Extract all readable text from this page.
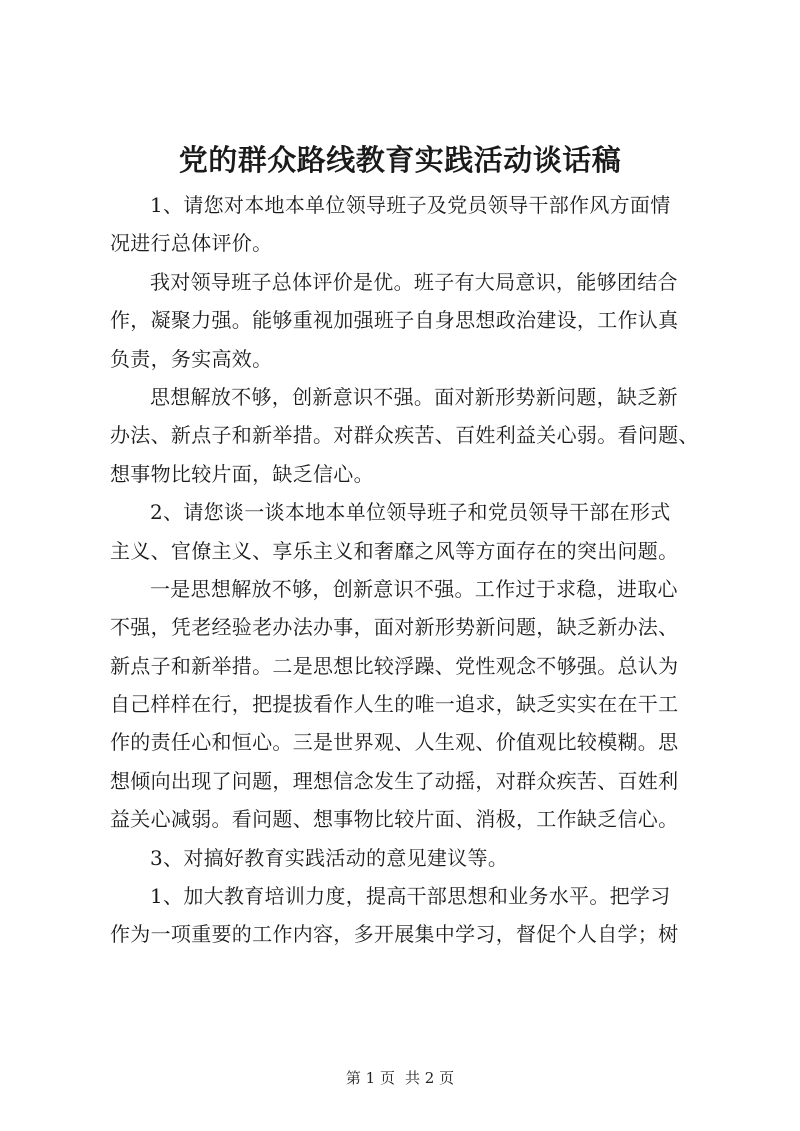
党的群众路线教育实践活动谈话稿
1、请您对本地本单位领导班子及党员领导干部作风方面情
况进行总体评价。
我对领导班子总体评价是优。班子有大局意识，能够团结合
作，凝聚力强。能够重视加强班子自身思想政治建设，工作认真
负责，务实高效。
思想解放不够，创新意识不强。面对新形势新问题，缺乏新
办法、新点子和新举措。对群众疾苦、百姓利益关心弱。看问题、
想事物比较片面，缺乏信心。
2、请您谈一谈本地本单位领导班子和党员领导干部在形式
主义、官僚主义、享乐主义和奢靡之风等方面存在的突出问题。
一是思想解放不够，创新意识不强。工作过于求稳，进取心
不强，凭老经验老办法办事，面对新形势新问题，缺乏新办法、
新点子和新举措。二是思想比较浮躁、党性观念不够强。总认为
自己样样在行，把提拔看作人生的唯一追求，缺乏实实在在干工
作的责任心和恒心。三是世界观、人生观、价值观比较模糊。思
想倾向出现了问题，理想信念发生了动摇，对群众疾苦、百姓利
益关心减弱。看问题、想事物比较片面、消极，工作缺乏信心。
3、对搞好教育实践活动的意见建议等。
1、加大教育培训力度，提高干部思想和业务水平。把学习
作为一项重要的工作内容，多开展集中学习，督促个人自学；树
第 1 页 共 2 页
